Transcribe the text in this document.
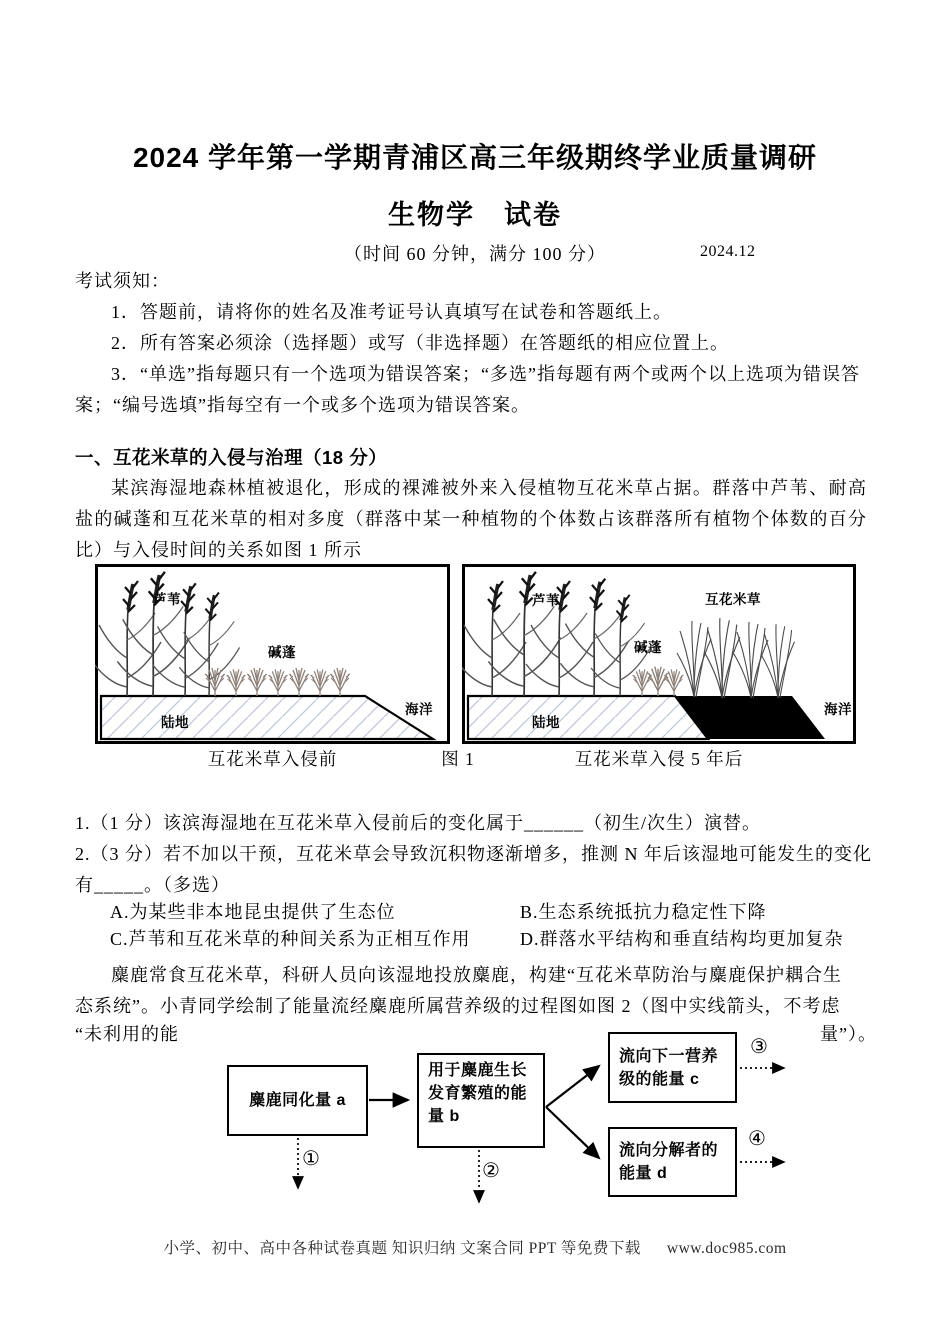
2024 学年第一学期青浦区高三年级期终学业质量调研
生物学　试卷
（时间 60 分钟，满分 100 分）	2024.12

考试须知：

1．答题前，请将你的姓名及准考证号认真填写在试卷和答题纸上。

2．所有答案必须涂（选择题）或写（非选择题）在答题纸的相应位置上。

3．“单选”指每题只有一个选项为错误答案；“多选”指每题有两个或两个以上选项为错误答案；“编号选填”指每空有一个或多个选项为错误答案。

一、互花米草的入侵与治理（18 分）
某滨海湿地森林植被退化，形成的裸滩被外来入侵植物互花米草占据。群落中芦苇、耐高盐的碱蓬和互花米草的相对多度（群落中某一种植物的个体数占该群落所有植物个体数的百分比）与入侵时间的关系如图 1 所示
芦苇
碱蓬
陆地
海洋
芦苇
碱蓬
互花米草
陆地
海洋
互花米草入侵前	图 1	互花米草入侵 5 年后
1.（1 分）该滨海湿地在互花米草入侵前后的变化属于______（初生/次生）演替。
2.（3 分）若不加以干预，互花米草会导致沉积物逐渐增多，推测 N 年后该湿地可能发生的变化
有_____。（多选）
A.为某些非本地昆虫提供了生态位	B.生态系统抵抗力稳定性下降
C.芦苇和互花米草的种间关系为正相互作用	D.群落水平结构和垂直结构均更加复杂
麋鹿常食互花米草，科研人员向该湿地投放麋鹿，构建“互花米草防治与麋鹿保护耦合生
态系统”。小青同学绘制了能量流经麋鹿所属营养级的过程图如图 2（图中实线箭头，不考虑
“未利用的能	量”）。
麋鹿同化量 a
用于麋鹿生长发育繁殖的能量 b
流向下一营养级的能量 c
流向分解者的能量 d
①
②
③
④
小学、初中、高中各种试卷真题 知识归纳 文案合同 PPT 等免费下载 www.doc985.com
